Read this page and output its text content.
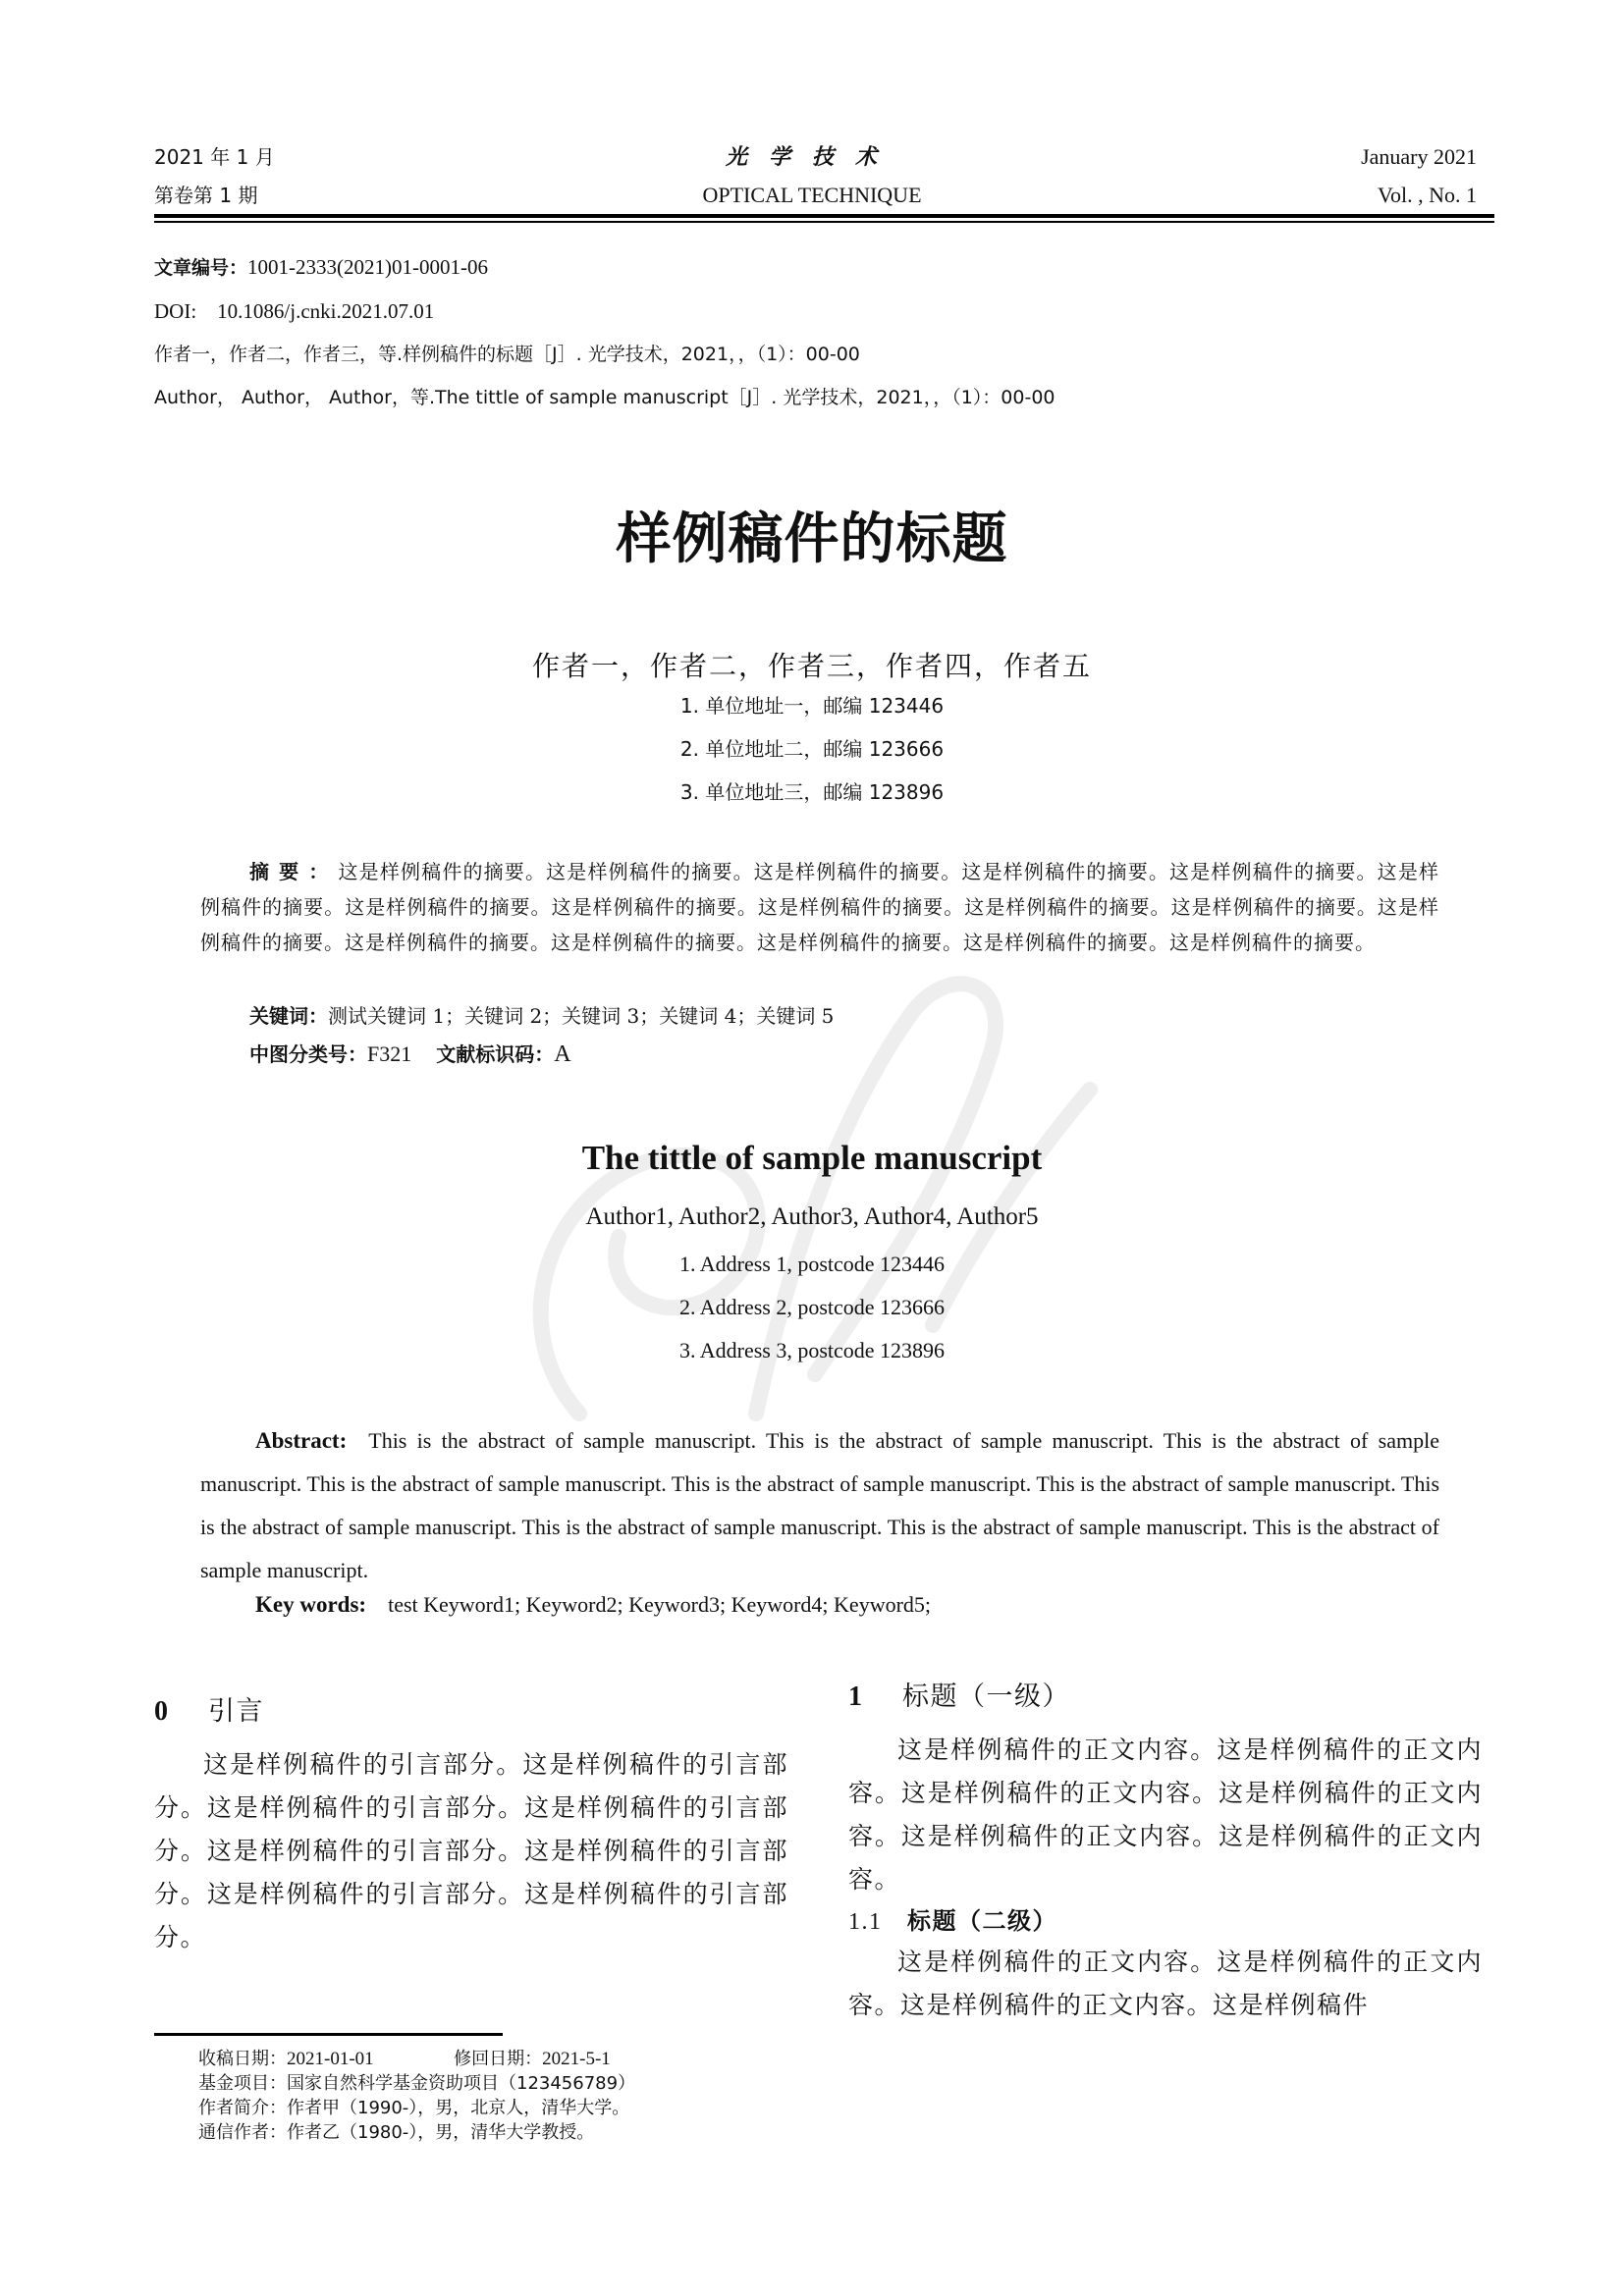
2021 年 1 月
第卷第 1 期
光学技术
OPTICAL TECHNIQUE
January 2021
Vol. , No. 1
文章编号：1001-2333(2021)01-0001-06
DOI: 10.1086/j.cnki.2021.07.01
作者一，作者二，作者三，等.样例稿件的标题［J］. 光学技术，2021，，（1）：00-00
Author， Author， Author，等.The tittle of sample manuscript［J］. 光学技术，2021，，（1）：00-00
样例稿件的标题
作者一，作者二，作者三，作者四，作者五
1. 单位地址一，邮编 123446
2. 单位地址二，邮编 123666
3. 单位地址三，邮编 123896
摘要：这是样例稿件的摘要。这是样例稿件的摘要。这是样例稿件的摘要。这是样例稿件的摘要。这是样例稿件的摘要。这是样例稿件的摘要。这是样例稿件的摘要。这是样例稿件的摘要。这是样例稿件的摘要。这是样例稿件的摘要。这是样例稿件的摘要。这是样例稿件的摘要。这是样例稿件的摘要。这是样例稿件的摘要。这是样例稿件的摘要。这是样例稿件的摘要。这是样例稿件的摘要。
关键词：测试关键词 1；关键词 2；关键词 3；关键词 4；关键词 5
中图分类号：F321 文献标识码：A
The tittle of sample manuscript
Author1, Author2, Author3, Author4, Author5
1. Address 1, postcode 123446
2. Address 2, postcode 123666
3. Address 3, postcode 123896
Abstract: This is the abstract of sample manuscript. This is the abstract of sample manuscript. This is the abstract of sample manuscript. This is the abstract of sample manuscript. This is the abstract of sample manuscript. This is the abstract of sample manuscript. This is the abstract of sample manuscript. This is the abstract of sample manuscript. This is the abstract of sample manuscript. This is the abstract of sample manuscript.
Key words: test Keyword1; Keyword2; Keyword3; Keyword4; Keyword5;
0 引言

这是样例稿件的引言部分。这是样例稿件的引言部分。这是样例稿件的引言部分。这是样例稿件的引言部分。这是样例稿件的引言部分。这是样例稿件的引言部分。这是样例稿件的引言部分。这是样例稿件的引言部分。

1 标题（一级）

这是样例稿件的正文内容。这是样例稿件的正文内容。这是样例稿件的正文内容。这是样例稿件的正文内容。这是样例稿件的正文内容。这是样例稿件的正文内容。

1.1 标题（二级）

这是样例稿件的正文内容。这是样例稿件的正文内容。这是样例稿件的正文内容。这是样例稿件

收稿日期：2021-01-01	修回日期：2021-5-1
基金项目：国家自然科学基金资助项目（123456789）
作者简介：作者甲（1990-），男，北京人，清华大学。
通信作者：作者乙（1980-），男，清华大学教授。
